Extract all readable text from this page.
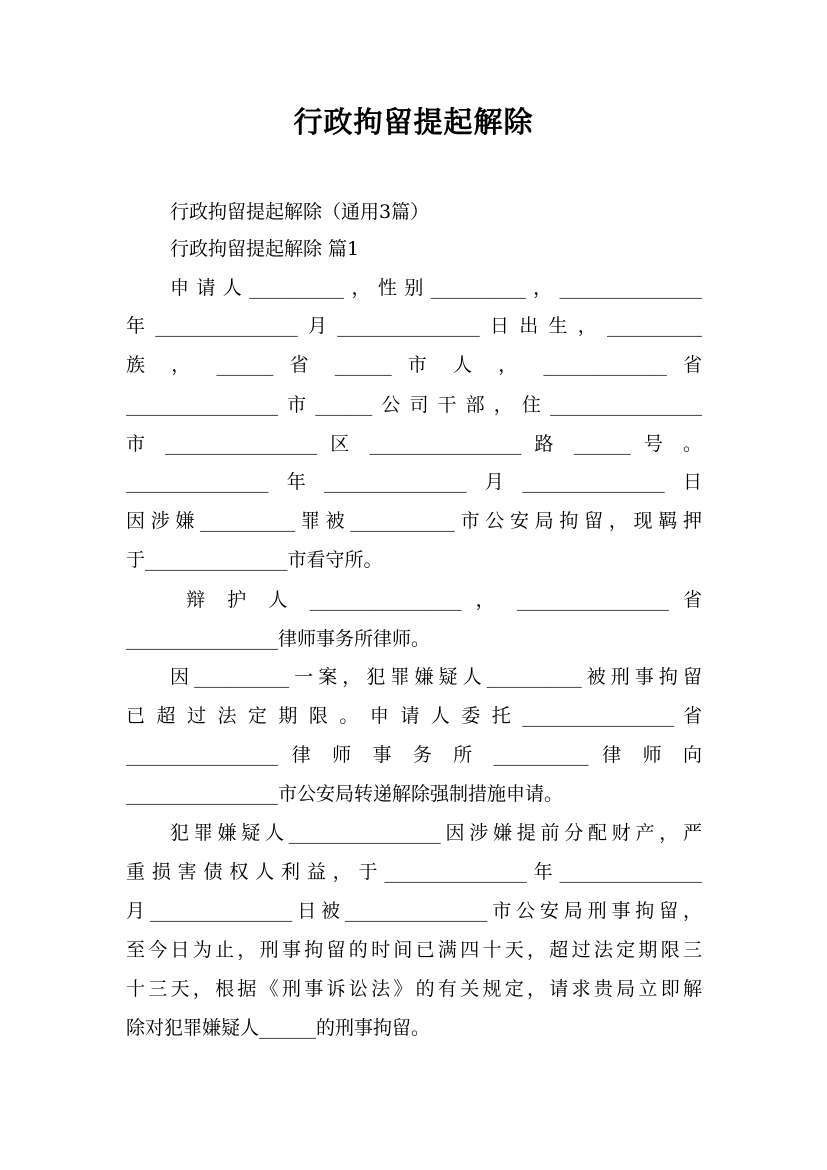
行政拘留提起解除
行政拘留提起解除（通用3篇）
行政拘留提起解除 篇1
申请人__________，性别__________，_______________
年_______________月_______________日出生，__________
族 ， ______ 省 ______ 市 人 ， _____________ 省
________________市______公司干部，住________________
市 ________________ 区 ________________ 路 ______ 号 。
_______________年_______________月_______________日
因涉嫌__________罪被___________市公安局拘留，现羁押
于_______________市看守所。
辩 护 人 ________________ ， ________________ 省
________________律师事务所律师。
因__________一案，犯罪嫌疑人__________被刑事拘留
已 超 过 法 定 期 限 。 申 请 人 委 托 ________________ 省
________________ 律 师 事 务 所 __________ 律 师 向
________________市公安局转递解除强制措施申请。
犯罪嫌疑人________________因涉嫌提前分配财产，严
重损害债权人利益，于_______________年_______________
月_______________日被_______________市公安局刑事拘留，
至今日为止，刑事拘留的时间已满四十天，超过法定期限三
十三天，根据《刑事诉讼法》的有关规定，请求贵局立即解
除对犯罪嫌疑人______的刑事拘留。
